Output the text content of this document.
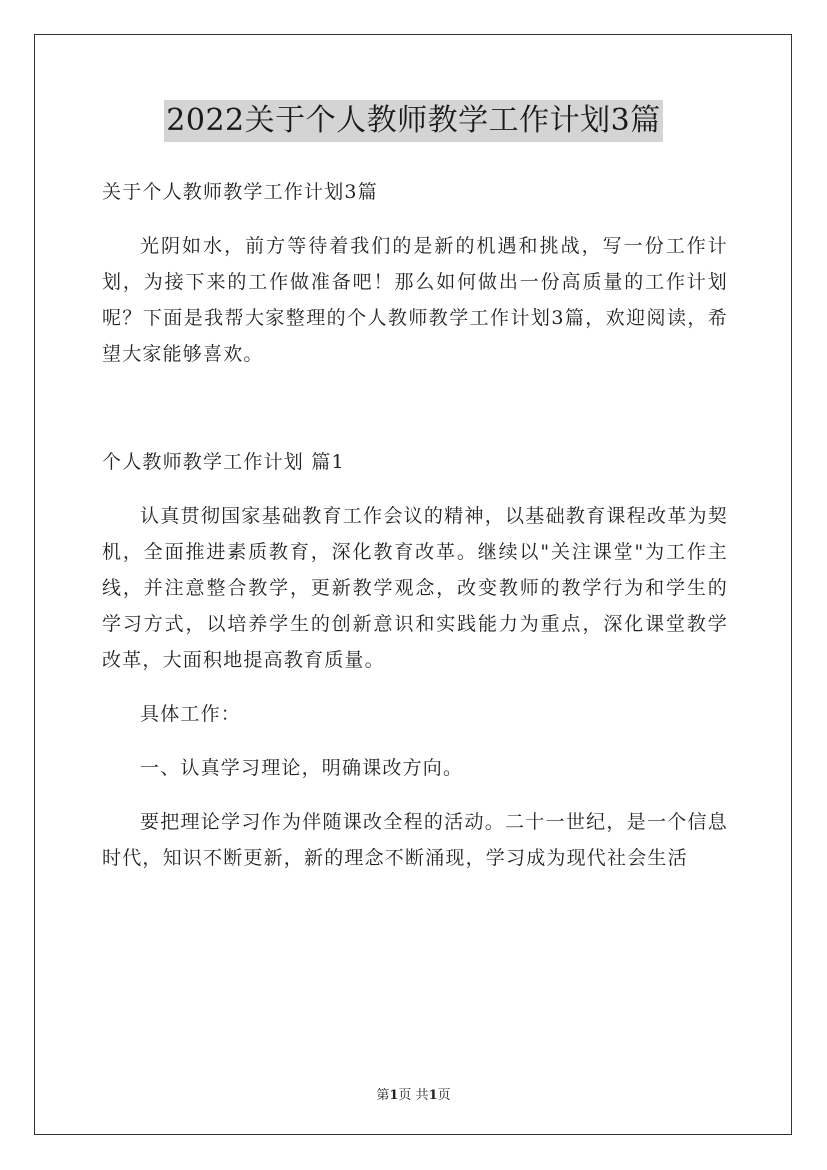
2022关于个人教师教学工作计划3篇

关于个人教师教学工作计划3篇

光阴如水，前方等待着我们的是新的机遇和挑战，写一份工作计划，为接下来的工作做准备吧！那么如何做出一份高质量的工作计划呢？下面是我帮大家整理的个人教师教学工作计划3篇，欢迎阅读，希望大家能够喜欢。

个人教师教学工作计划 篇1

认真贯彻国家基础教育工作会议的精神，以基础教育课程改革为契机，全面推进素质教育，深化教育改革。继续以"关注课堂"为工作主线，并注意整合教学，更新教学观念，改变教师的教学行为和学生的学习方式，以培养学生的创新意识和实践能力为重点，深化课堂教学改革，大面积地提高教育质量。

具体工作：

一、认真学习理论，明确课改方向。

要把理论学习作为伴随课改全程的活动。二十一世纪，是一个信息时代，知识不断更新，新的理念不断涌现，学习成为现代社会生活

第1页 共1页
